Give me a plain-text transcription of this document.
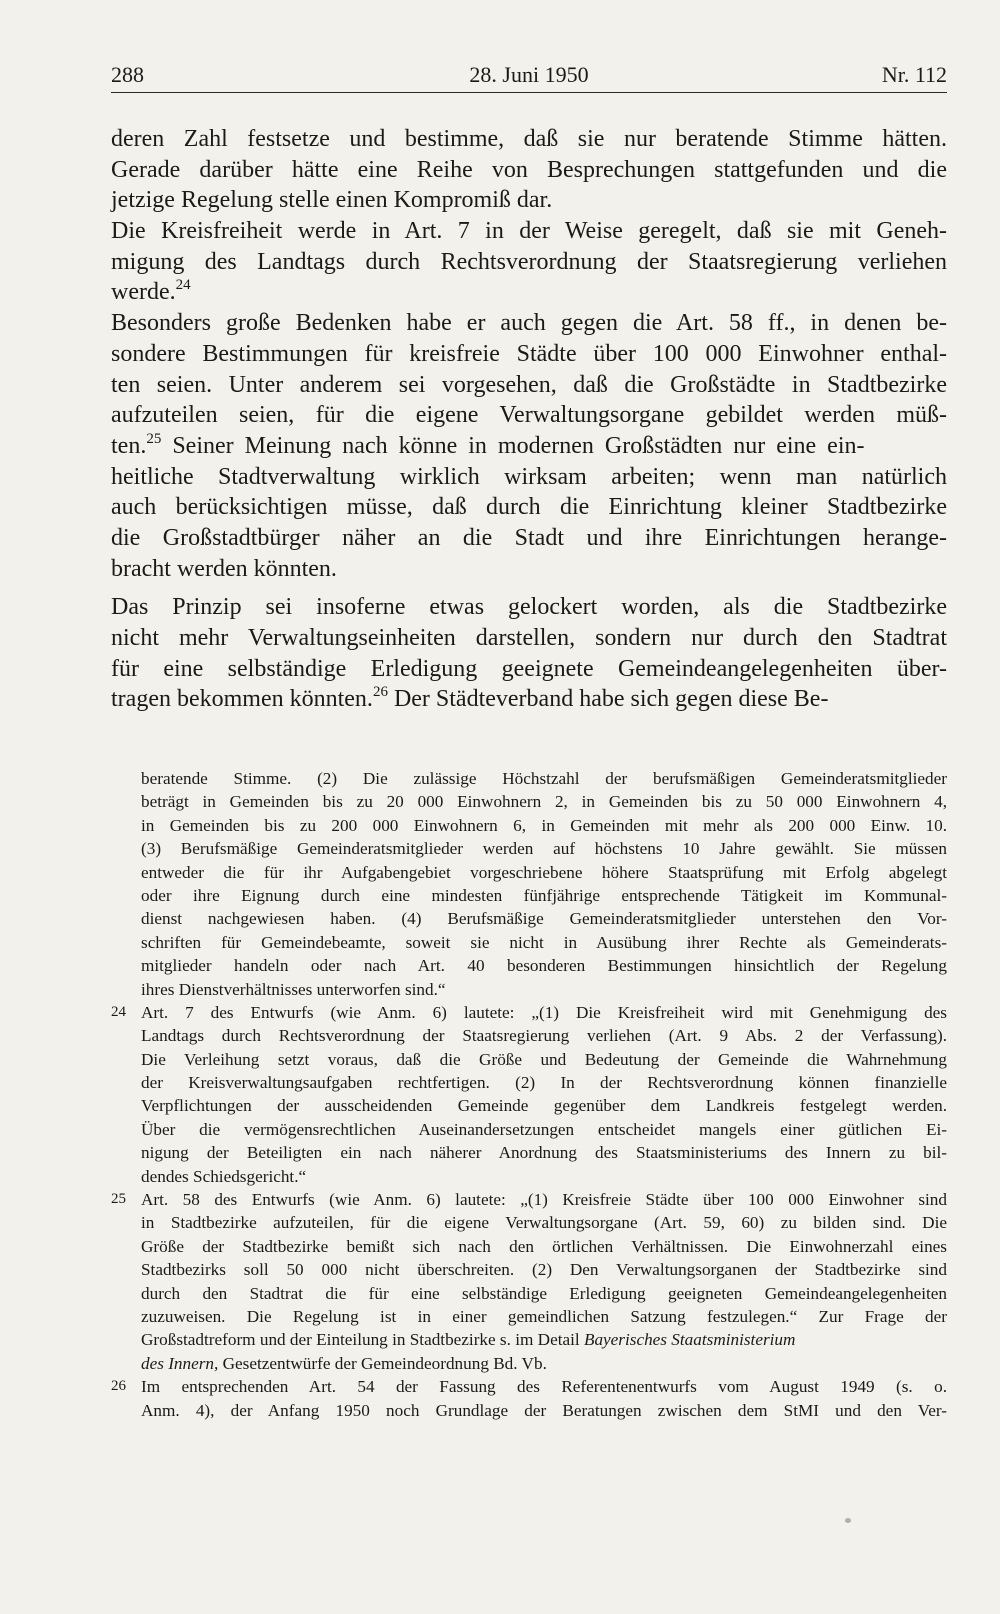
288	28. Juni 1950	Nr. 112
deren Zahl festsetze und bestimme, daß sie nur beratende Stimme hätten.
Gerade darüber hätte eine Reihe von Besprechungen stattgefunden und die
jetzige Regelung stelle einen Kompromiß dar.
Die Kreisfreiheit werde in Art. 7 in der Weise geregelt, daß sie mit Geneh-
migung des Landtags durch Rechtsverordnung der Staatsregierung verliehen
werde.$^{24}$
Besonders große Bedenken habe er auch gegen die Art. 58 ff., in denen be-
sondere Bestimmungen für kreisfreie Städte über 100 000 Einwohner enthal-
ten seien. Unter anderem sei vorgesehen, daß die Großstädte in Stadtbezirke
aufzuteilen seien, für die eigene Verwaltungsorgane gebildet werden müß-
ten.$^{25}$ Seiner Meinung nach könne in modernen Großstädten nur eine ein-
heitliche Stadtverwaltung wirklich wirksam arbeiten; wenn man natürlich
auch berücksichtigen müsse, daß durch die Einrichtung kleiner Stadtbezirke
die Großstadtbürger näher an die Stadt und ihre Einrichtungen herange-
bracht werden könnten.
Das Prinzip sei insoferne etwas gelockert worden, als die Stadtbezirke
nicht mehr Verwaltungseinheiten darstellen, sondern nur durch den Stadtrat
für eine selbständige Erledigung geeignete Gemeindeangelegenheiten über-
tragen bekommen könnten.$^{26}$ Der Städteverband habe sich gegen diese Be-
beratende Stimme. (2) Die zulässige Höchstzahl der berufsmäßigen Gemeinderatsmitglieder
beträgt in Gemeinden bis zu 20 000 Einwohnern 2, in Gemeinden bis zu 50 000 Einwohnern 4,
in Gemeinden bis zu 200 000 Einwohnern 6, in Gemeinden mit mehr als 200 000 Einw. 10.
(3) Berufsmäßige Gemeinderatsmitglieder werden auf höchstens 10 Jahre gewählt. Sie müssen
entweder die für ihr Aufgabengebiet vorgeschriebene höhere Staatsprüfung mit Erfolg abgelegt
oder ihre Eignung durch eine mindesten fünfjährige entsprechende Tätigkeit im Kommunal-
dienst nachgewiesen haben. (4) Berufsmäßige Gemeinderatsmitglieder unterstehen den Vor-
schriften für Gemeindebeamte, soweit sie nicht in Ausübung ihrer Rechte als Gemeinderats-
mitglieder handeln oder nach Art. 40 besonderen Bestimmungen hinsichtlich der Regelung
ihres Dienstverhältnisses unterworfen sind.“
24 Art. 7 des Entwurfs (wie Anm. 6) lautete: „(1) Die Kreisfreiheit wird mit Genehmigung des
Landtags durch Rechtsverordnung der Staatsregierung verliehen (Art. 9 Abs. 2 der Verfassung).
Die Verleihung setzt voraus, daß die Größe und Bedeutung der Gemeinde die Wahrnehmung
der Kreisverwaltungsaufgaben rechtfertigen. (2) In der Rechtsverordnung können finanzielle
Verpflichtungen der ausscheidenden Gemeinde gegenüber dem Landkreis festgelegt werden.
Über die vermögensrechtlichen Auseinandersetzungen entscheidet mangels einer gütlichen Ei-
nigung der Beteiligten ein nach näherer Anordnung des Staatsministeriums des Innern zu bil-
dendes Schiedsgericht.“
25 Art. 58 des Entwurfs (wie Anm. 6) lautete: „(1) Kreisfreie Städte über 100 000 Einwohner sind
in Stadtbezirke aufzuteilen, für die eigene Verwaltungsorgane (Art. 59, 60) zu bilden sind. Die
Größe der Stadtbezirke bemißt sich nach den örtlichen Verhältnissen. Die Einwohnerzahl eines
Stadtbezirks soll 50 000 nicht überschreiten. (2) Den Verwaltungsorganen der Stadtbezirke sind
durch den Stadtrat die für eine selbständige Erledigung geeigneten Gemeindeangelegenheiten
zuzuweisen. Die Regelung ist in einer gemeindlichen Satzung festzulegen.“ Zur Frage der
Großstadtreform und der Einteilung in Stadtbezirke s. im Detail Bayerisches Staatsministerium
des Innern, Gesetzentwürfe der Gemeindeordnung Bd. Vb.
26 Im entsprechenden Art. 54 der Fassung des Referentenentwurfs vom August 1949 (s. o.
Anm. 4), der Anfang 1950 noch Grundlage der Beratungen zwischen dem StMI und den Ver-
